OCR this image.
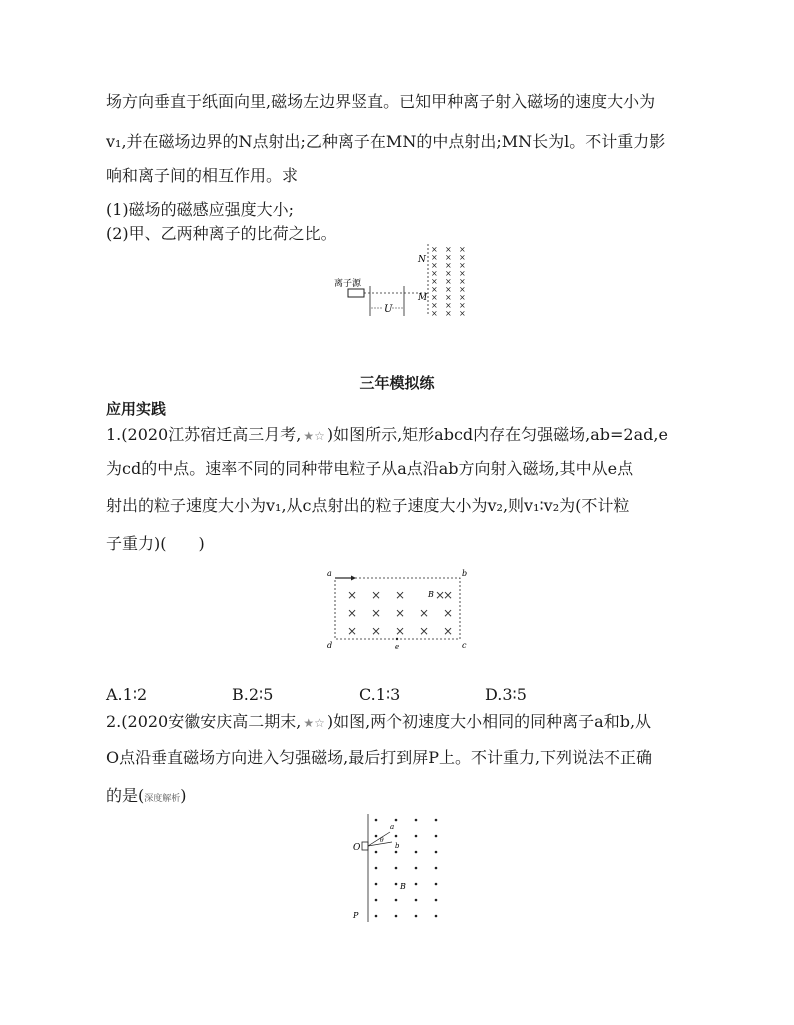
场方向垂直于纸面向里,磁场左边界竖直。已知甲种离子射入磁场的速度大小为
v₁,并在磁场边界的N点射出;乙种离子在MN的中点射出;MN长为l。不计重力影
响和离子间的相互作用。求
(1)磁场的磁感应强度大小;
(2)甲、乙两种离子的比荷之比。
离子源
U
N
M
× × ×
× × ×
× × ×
× × ×
× × ×
× × ×
× × ×
× × ×
× × ×
三年模拟练
应用实践
1.(2020江苏宿迁高三月考, ★☆ )如图所示,矩形abcd内存在匀强磁场,ab=2ad,e
为cd的中点。速率不同的同种带电粒子从a点沿ab方向射入磁场,其中从e点
射出的粒子速度大小为v₁,从c点射出的粒子速度大小为v₂,则v₁∶v₂为(不计粒
子重力)(　　)
a	b
c
d	e
× × × ×
×
× × × × ×
× × × × ×
B
A.1∶2	B.2∶5	C.1∶3	D.3∶5
2.(2020安徽安庆高二期末, ★☆ )如图,两个初速度大小相同的同种离子a和b,从
O点沿垂直磁场方向进入匀强磁场,最后打到屏P上。不计重力,下列说法不正确
的是(深度解析)
O
P
a
b
θ
B
